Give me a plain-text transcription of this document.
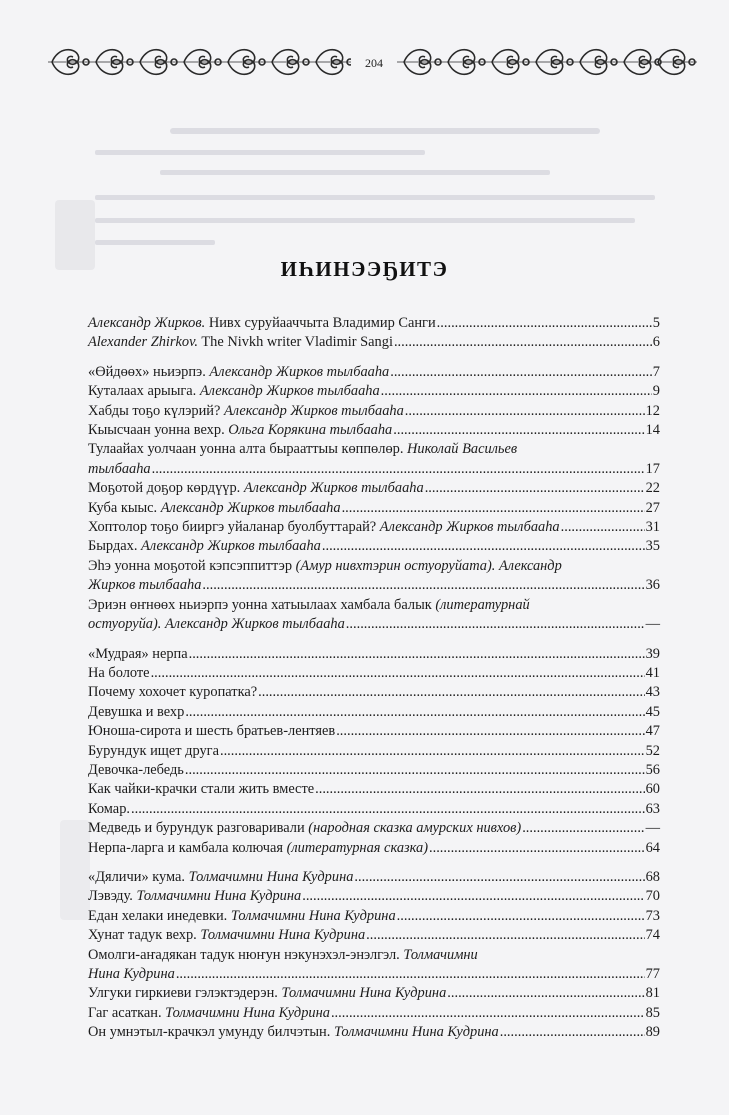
204
ИҺИНЭЭҔИТЭ
Александр Жирков. Нивх суруйааччыта Владимир Санги .....	5
Alexander Zhirkov. The Nivkh writer Vladimir Sangi .....	6
«Өйдөөх» ньиэрпэ. Александр Жирков тылбааһа .....	7
Куталаах арыыга. Александр Жирков тылбааһа .....	9
Хабды тоҕо күлэрий? Александр Жирков тылбааһа .....	12
Кыысчаан уонна вехр. Ольга Корякина тылбааһа .....	14
Тулаайах уолчаан уонна алта бырааттыы көппөлөр. Николай Васильев
тылбааһа .....	17
Моҕотой доҕор көрдүүр. Александр Жирков тылбааһа .....	22
Куба кыыс. Александр Жирков тылбааһа .....	27
Хоптолор тоҕо бииргэ уйаланар буолбуттарай? Александр Жирков тылбааһа .....	31
Бырдах. Александр Жирков тылбааһа .....	35
Эһэ уонна моҕотой кэпсэппиттэр (Амур нивхтэрин остуоруйата). Александр
Жирков тылбааһа .....	36
Эриэн өҥнөөх ньиэрпэ уонна хатыылаах хамбала балык (литературнай
остуоруйа). Александр Жирков тылбааһа .....	—
«Мудрая» нерпа .....	39
На болоте .....	41
Почему хохочет куропатка? .....	43
Девушка и вехр .....	45
Юноша-сирота и шесть братьев-лентяев .....	47
Бурундук ищет друга .....	52
Девочка-лебедь .....	56
Как чайки-крачки стали жить вместе .....	60
Комар. .....	63
Медведь и бурундук разговаривали (народная сказка амурских нивхов) .....	—
Нерпа-ларга и камбала колючая (литературная сказка) .....	64
«Дяличи» кума. Толмачимни Нина Кудрина .....	68
Лэвэду. Толмачимни Нина Кудрина .....	70
Едан хелаки инедевки. Толмачимни Нина Кудрина .....	73
Хунат тадук вехр. Толмачимни Нина Кудрина .....	74
Омолги-аҥадякан тадук нюҥун нэкунэхэл-энэлгэл. Толмачимни
Нина Кудрина .....	77
Улгуки гиркиеви гэлэктэдерэн. Толмачимни Нина Кудрина .....	81
Гаг асаткан. Толмачимни Нина Кудрина .....	85
Он умнэтыл-крачкэл умунду билчэтын. Толмачимни Нина Кудрина .....	89
